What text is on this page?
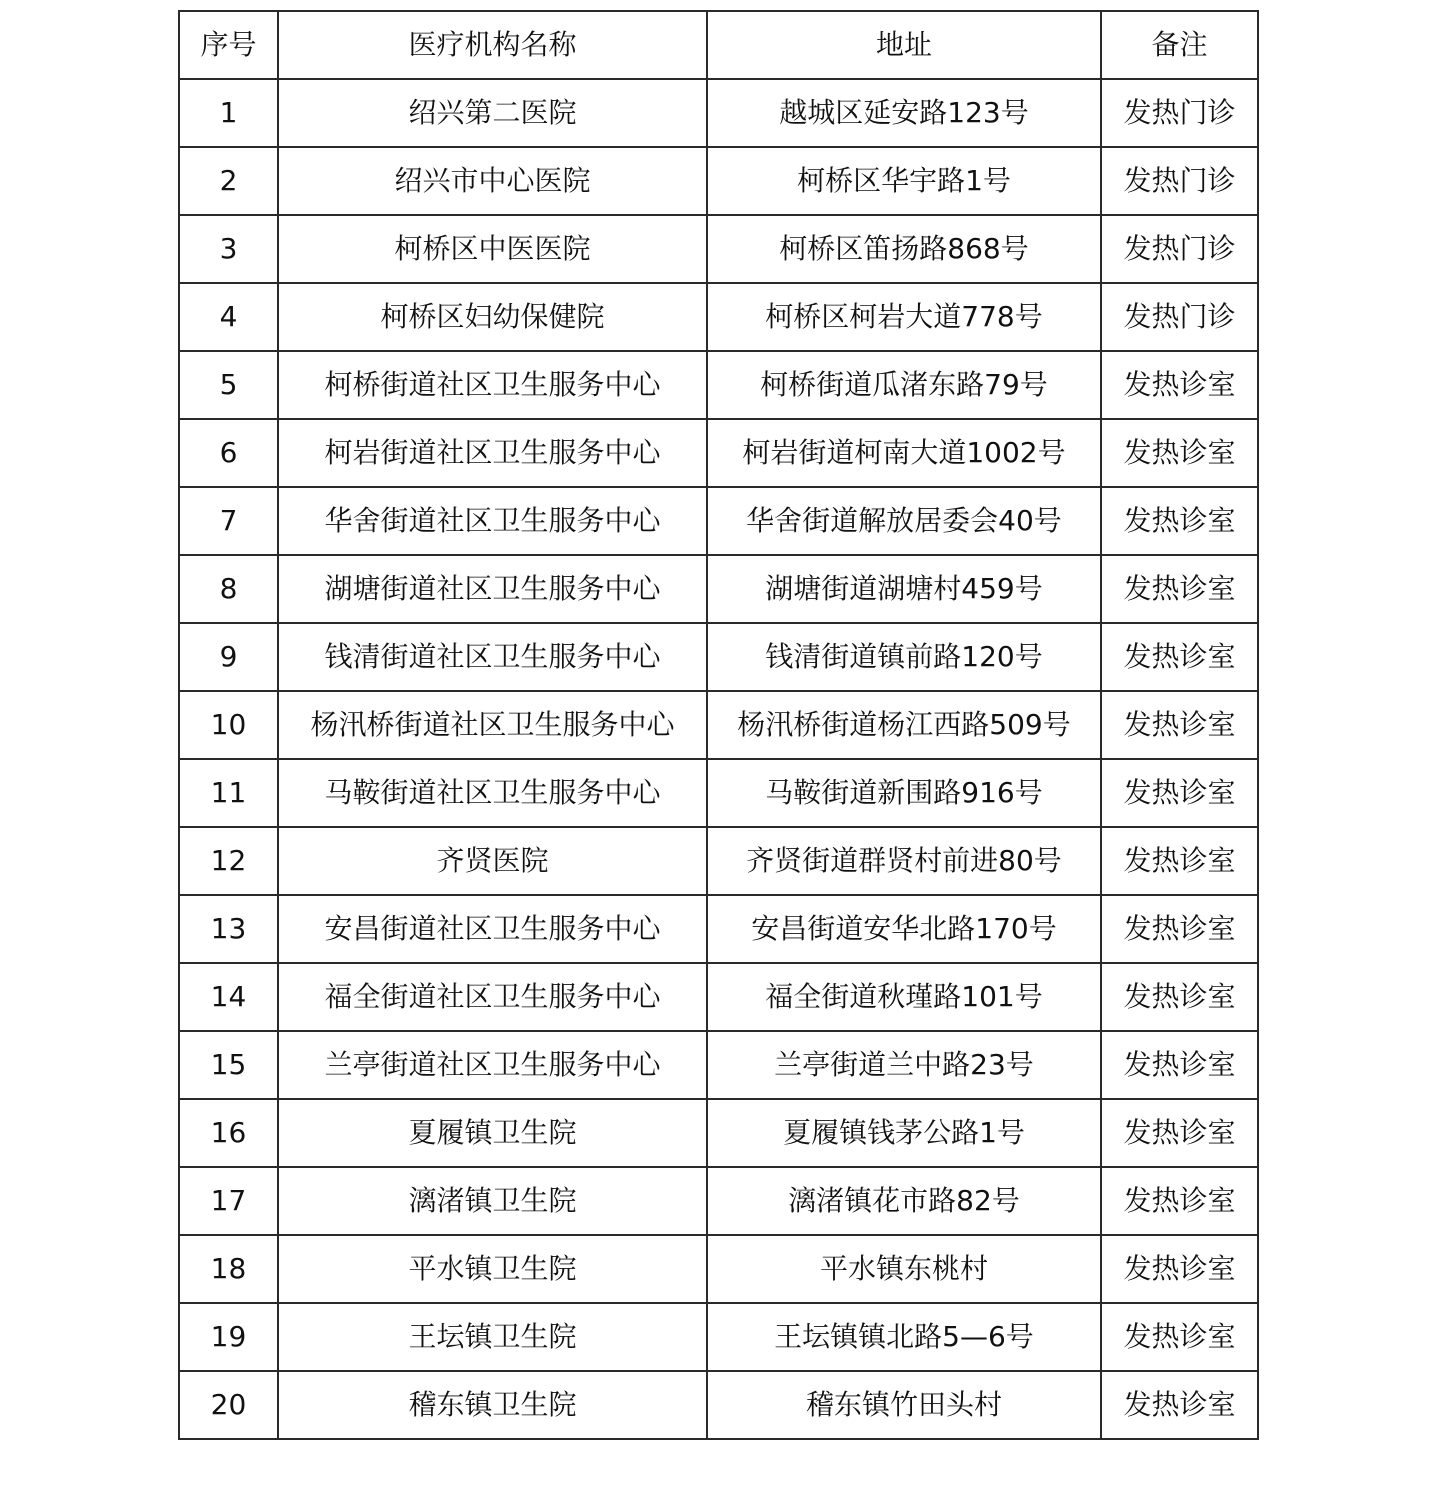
序号	医疗机构名称	地址	备注
1	绍兴第二医院	越城区延安路123号	发热门诊
2	绍兴市中心医院	柯桥区华宇路1号	发热门诊
3	柯桥区中医医院	柯桥区笛扬路868号	发热门诊
4	柯桥区妇幼保健院	柯桥区柯岩大道778号	发热门诊
5	柯桥街道社区卫生服务中心	柯桥街道瓜渚东路79号	发热诊室
6	柯岩街道社区卫生服务中心	柯岩街道柯南大道1002号	发热诊室
7	华舍街道社区卫生服务中心	华舍街道解放居委会40号	发热诊室
8	湖塘街道社区卫生服务中心	湖塘街道湖塘村459号	发热诊室
9	钱清街道社区卫生服务中心	钱清街道镇前路120号	发热诊室
10	杨汛桥街道社区卫生服务中心	杨汛桥街道杨江西路509号	发热诊室
11	马鞍街道社区卫生服务中心	马鞍街道新围路916号	发热诊室
12	齐贤医院	齐贤街道群贤村前进80号	发热诊室
13	安昌街道社区卫生服务中心	安昌街道安华北路170号	发热诊室
14	福全街道社区卫生服务中心	福全街道秋瑾路101号	发热诊室
15	兰亭街道社区卫生服务中心	兰亭街道兰中路23号	发热诊室
16	夏履镇卫生院	夏履镇钱茅公路1号	发热诊室
17	漓渚镇卫生院	漓渚镇花市路82号	发热诊室
18	平水镇卫生院	平水镇东桃村	发热诊室
19	王坛镇卫生院	王坛镇镇北路5—6号	发热诊室
20	稽东镇卫生院	稽东镇竹田头村	发热诊室
